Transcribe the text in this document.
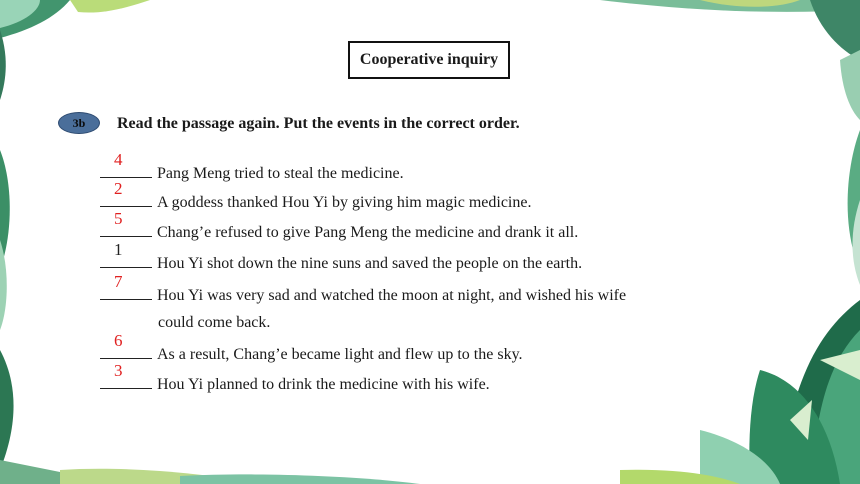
Cooperative inquiry
3b	Read the passage again. Put the events in the correct order.
4
Pang Meng tried to steal the medicine.
2
A goddess thanked Hou Yi by giving him magic medicine.
5
Chang’e refused to give Pang Meng the medicine and drank it all.
1
Hou Yi shot down the nine suns and saved the people on the earth.
7
Hou Yi was very sad and watched the moon at night, and wished his wife
could come back.
6
As a result, Chang’e became light and flew up to the sky.
3
Hou Yi planned to drink the medicine with his wife.
